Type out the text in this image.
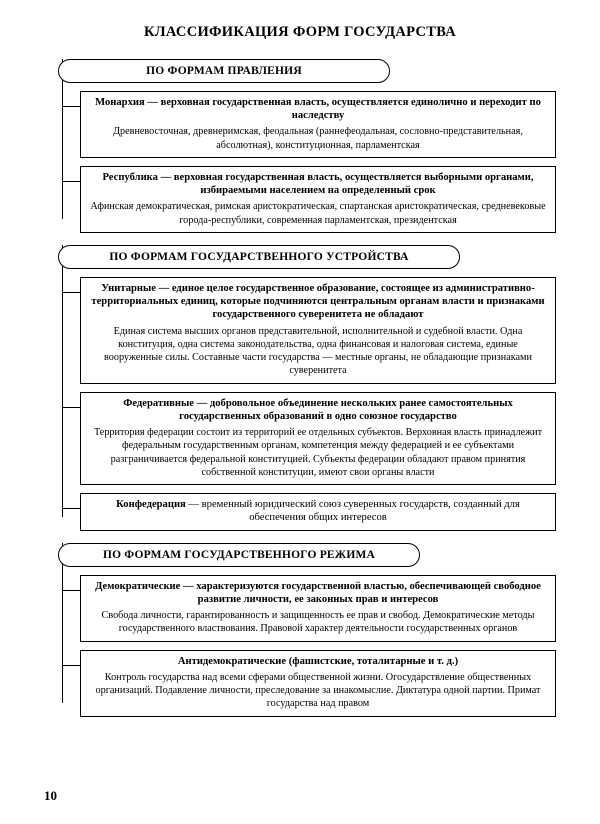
КЛАССИФИКАЦИЯ ФОРМ ГОСУДАРСТВА
ПО ФОРМАМ ПРАВЛЕНИЯ
Монархия — верховная государственная власть, осуществляется единолично и переходит по наследству
Древневосточная, древнеримская, феодальная (раннефеодальная, сословно-представительная, абсолютная), конституционная, парламентская
Республика — верховная государственная власть, осуществляется выборными органами, избираемыми населением на определенный срок
Афинская демократическая, римская аристократическая, спартанская аристократическая, средневековые города-республики, современная парламентская, президентская
ПО ФОРМАМ ГОСУДАРСТВЕННОГО УСТРОЙСТВА
Унитарные — единое целое государственное образование, состоящее из административно-территориальных единиц, которые подчиняются центральным органам власти и признаками государственного суверенитета не обладают
Единая система высших органов представительной, исполнительной и судебной власти. Одна конституция, одна система законодательства, одна финансовая и налоговая система, единые вооруженные силы. Составные части государства — местные органы, не обладающие признаками суверенитета
Федеративные — добровольное объединение нескольких ранее самостоятельных государственных образований в одно союзное государство
Территория федерации состоит из территорий ее отдельных субъектов. Верховная власть принадлежит федеральным государственным органам, компетенция между федерацией и ее субъектами разграничивается федеральной конституцией. Субъекты федерации обладают правом принятия собственной конституции, имеют свои органы власти
Конфедерация — временный юридический союз суверенных государств, созданный для обеспечения общих интересов
ПО ФОРМАМ ГОСУДАРСТВЕННОГО РЕЖИМА
Демократические — характеризуются государственной властью, обеспечивающей свободное развитие личности, ее законных прав и интересов
Свобода личности, гарантированность и защищенность ее прав и свобод. Демократические методы государственного властвования. Правовой характер деятельности государственных органов
Антидемократические (фашистские, тоталитарные и т. д.)
Контроль государства над всеми сферами общественной жизни. Огосударствление общественных организаций. Подавление личности, преследование за инакомыслие. Диктатура одной партии. Примат государства над правом
10
